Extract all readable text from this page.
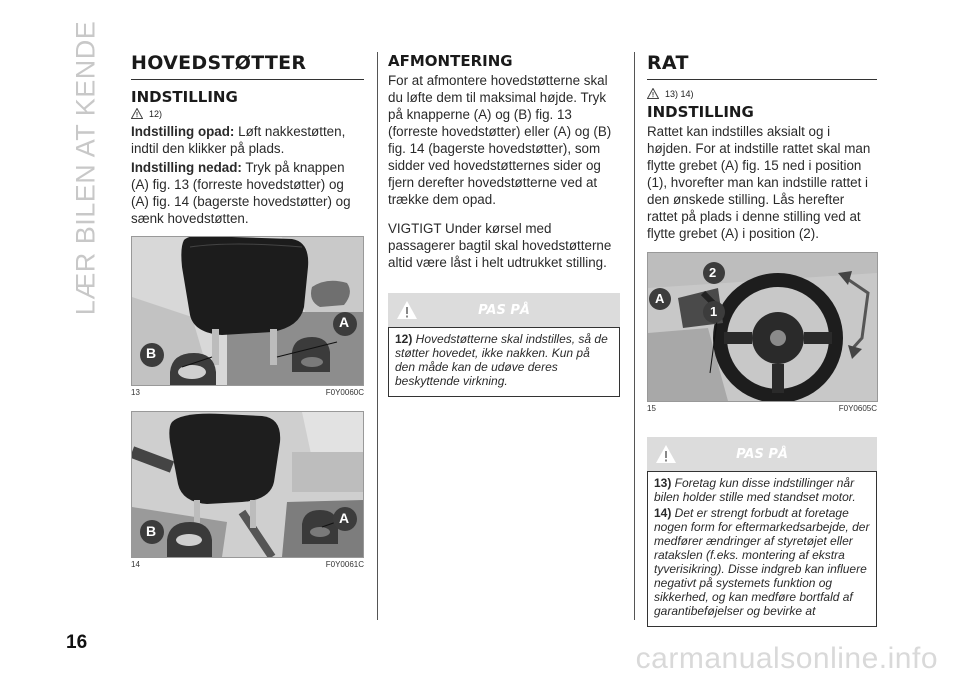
LÆR BILEN AT KENDE HOVEDSTØTTER
INDSTILLING
12)

Indstilling opad: Løft nakkestøtten, indtil den klikker på plads.

Indstilling nedad: Tryk på knappen (A) fig. 13 (forreste hovedstøtter) og (A) fig. 14 (bagerste hovedstøtter) og sænk hovedstøtten.

B
A
13	F0Y0060C
B
A
14	F0Y0061C
AFMONTERING

For at afmontere hovedstøtterne skal du løfte dem til maksimal højde. Tryk på knapperne (A) og (B) fig. 13 (forreste hovedstøtter) eller (A) og (B) fig. 14 (bagerste hovedstøtter), som sidder ved hovedstøtternes sider og fjern derefter hovedstøtterne ved at trække dem opad.

VIGTIGT Under kørsel med passagerer bagtil skal hovedstøtterne altid være låst i helt udtrukket stilling.

PAS PÅ

12) Hovedstøtterne skal indstilles, så de støtter hovedet, ikke nakken. Kun på den måde kan de udøve deres beskyttende virkning.

RAT
13) 14)
INDSTILLING

Rattet kan indstilles aksialt og i højden. For at indstille rattet skal man flytte grebet (A) fig. 15 ned i position (1), hvorefter man kan indstille rattet i den ønskede stilling. Lås herefter rattet på plads i denne stilling ved at flytte grebet (A) i position (2).

2
A
1
15	F0Y0605C
PAS PÅ

13) Foretag kun disse indstillinger når bilen holder stille med standset motor.

14) Det er strengt forbudt at foretage nogen form for eftermarkedsarbejde, der medfører ændringer af styretøjet eller ratakslen (f.eks. montering af ekstra tyverisikring). Disse indgreb kan influere negativt på systemets funktion og sikkerhed, og kan medføre bortfald af garantibeføjelser og bevirke at

16	carmanualsonline.info
